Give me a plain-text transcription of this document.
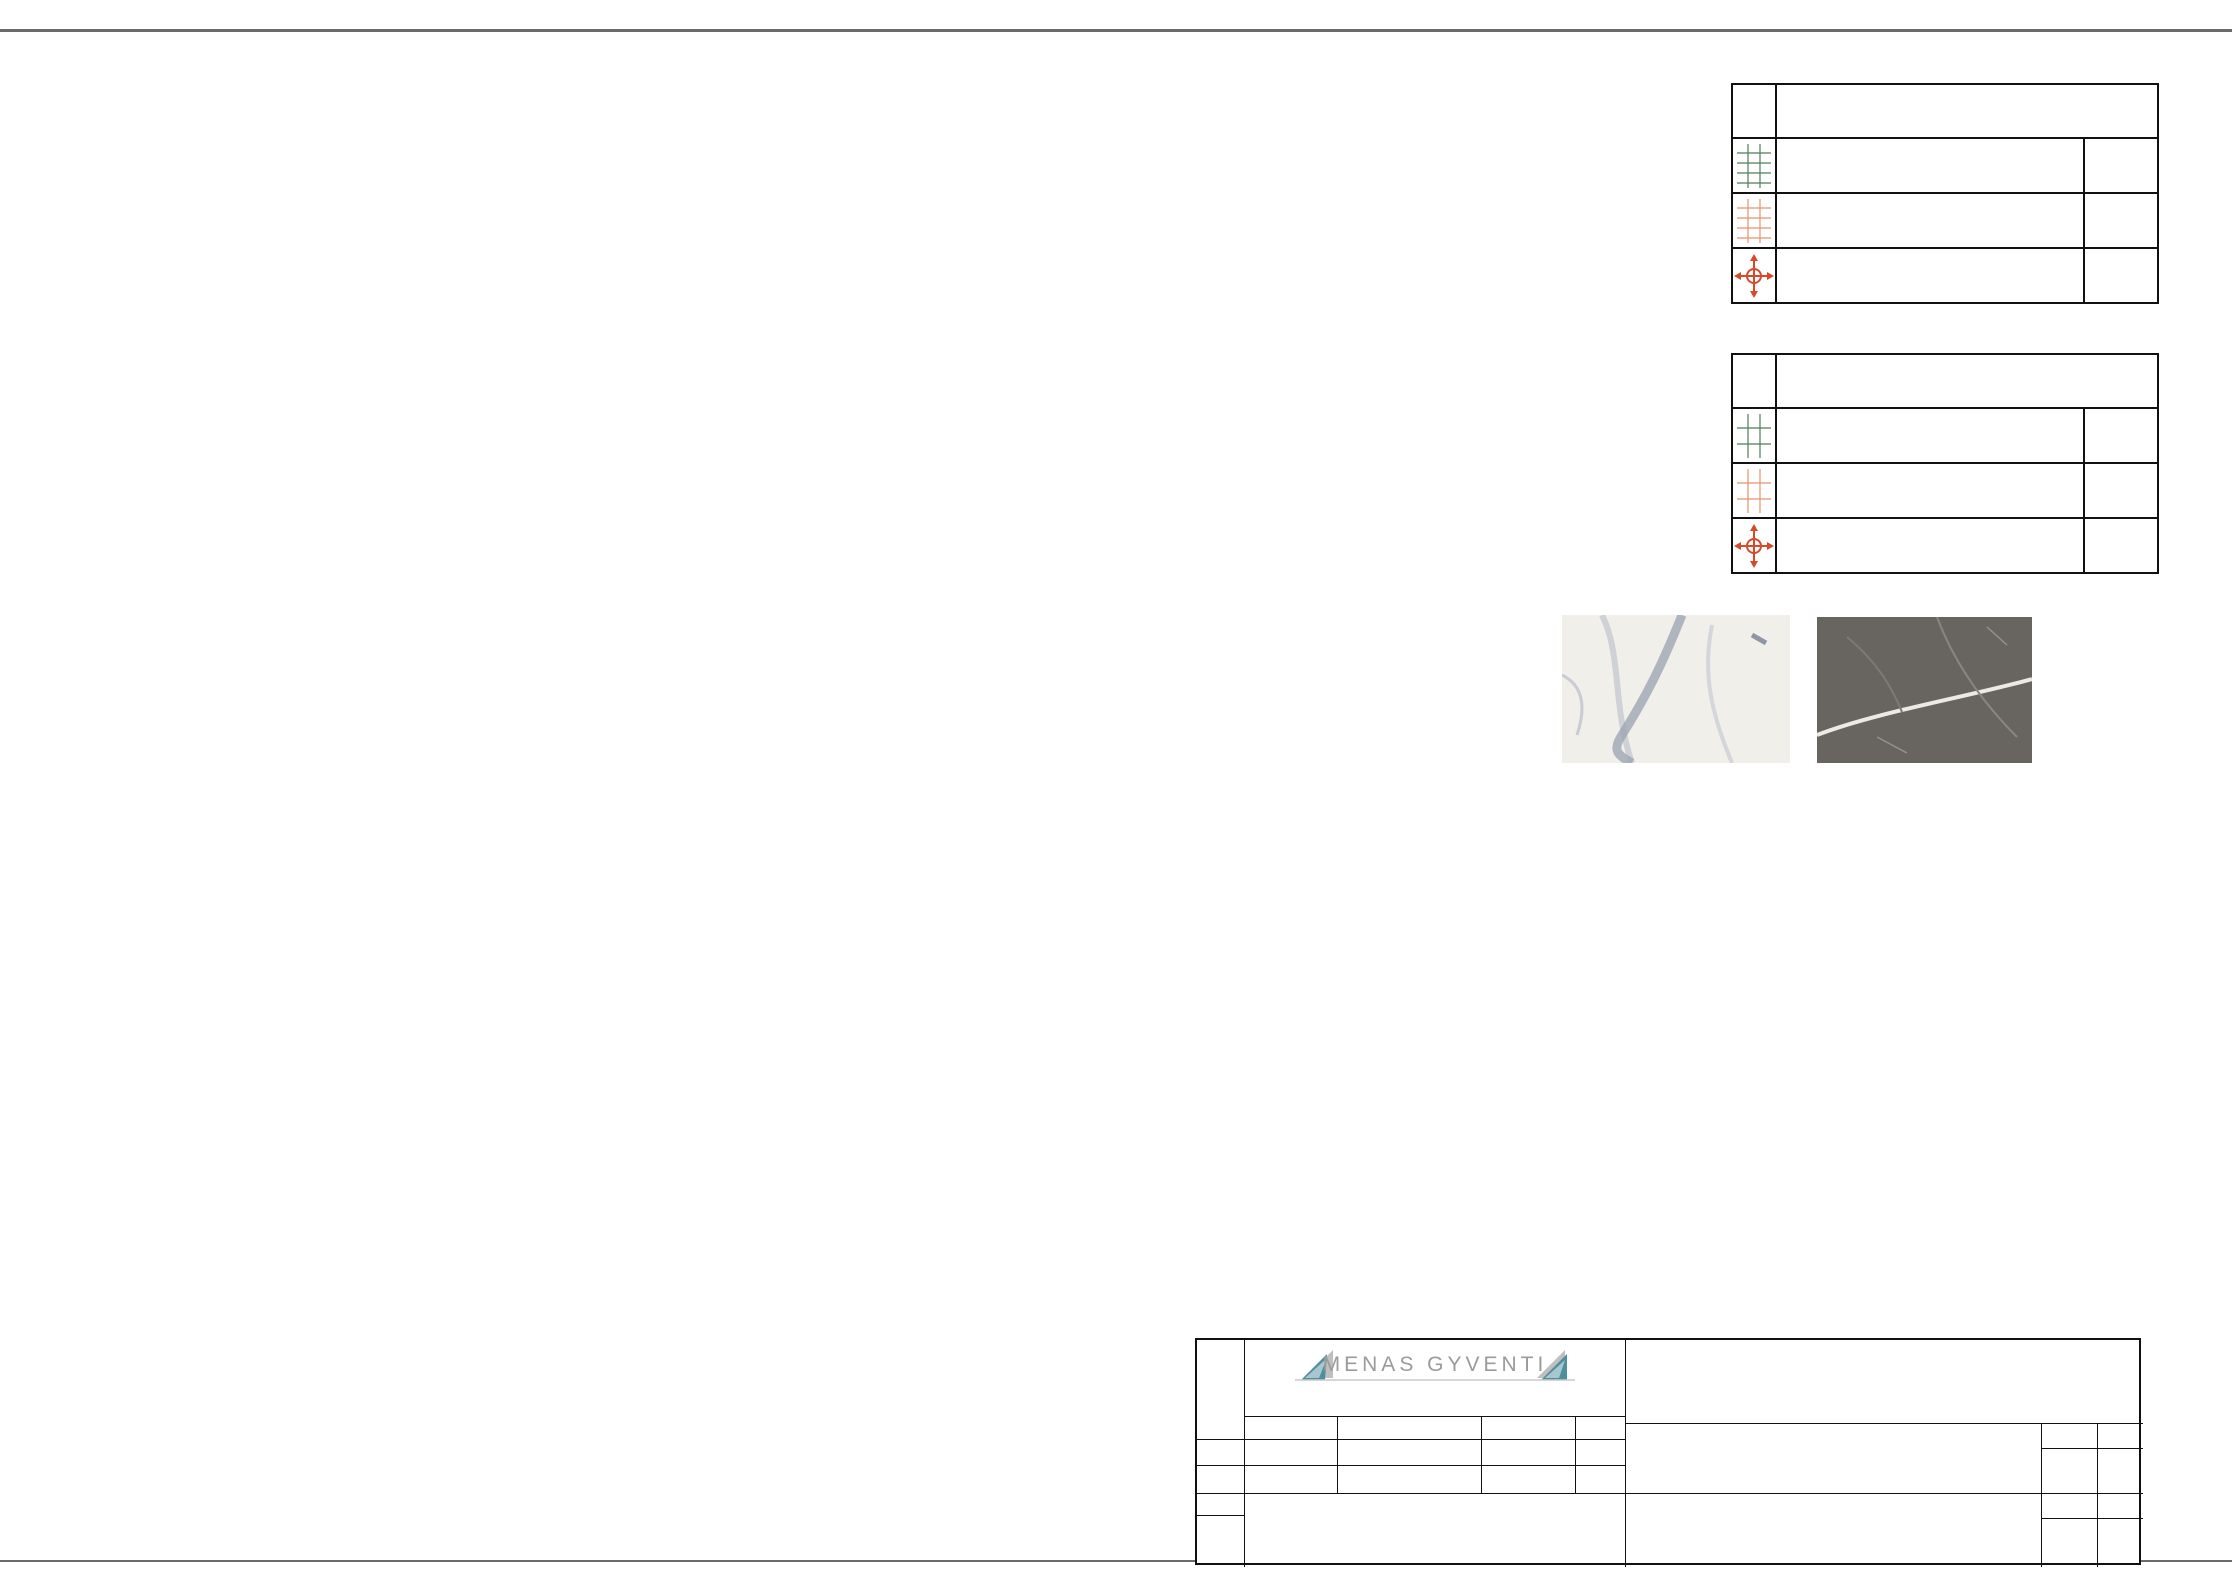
MENAS GYVENTI
